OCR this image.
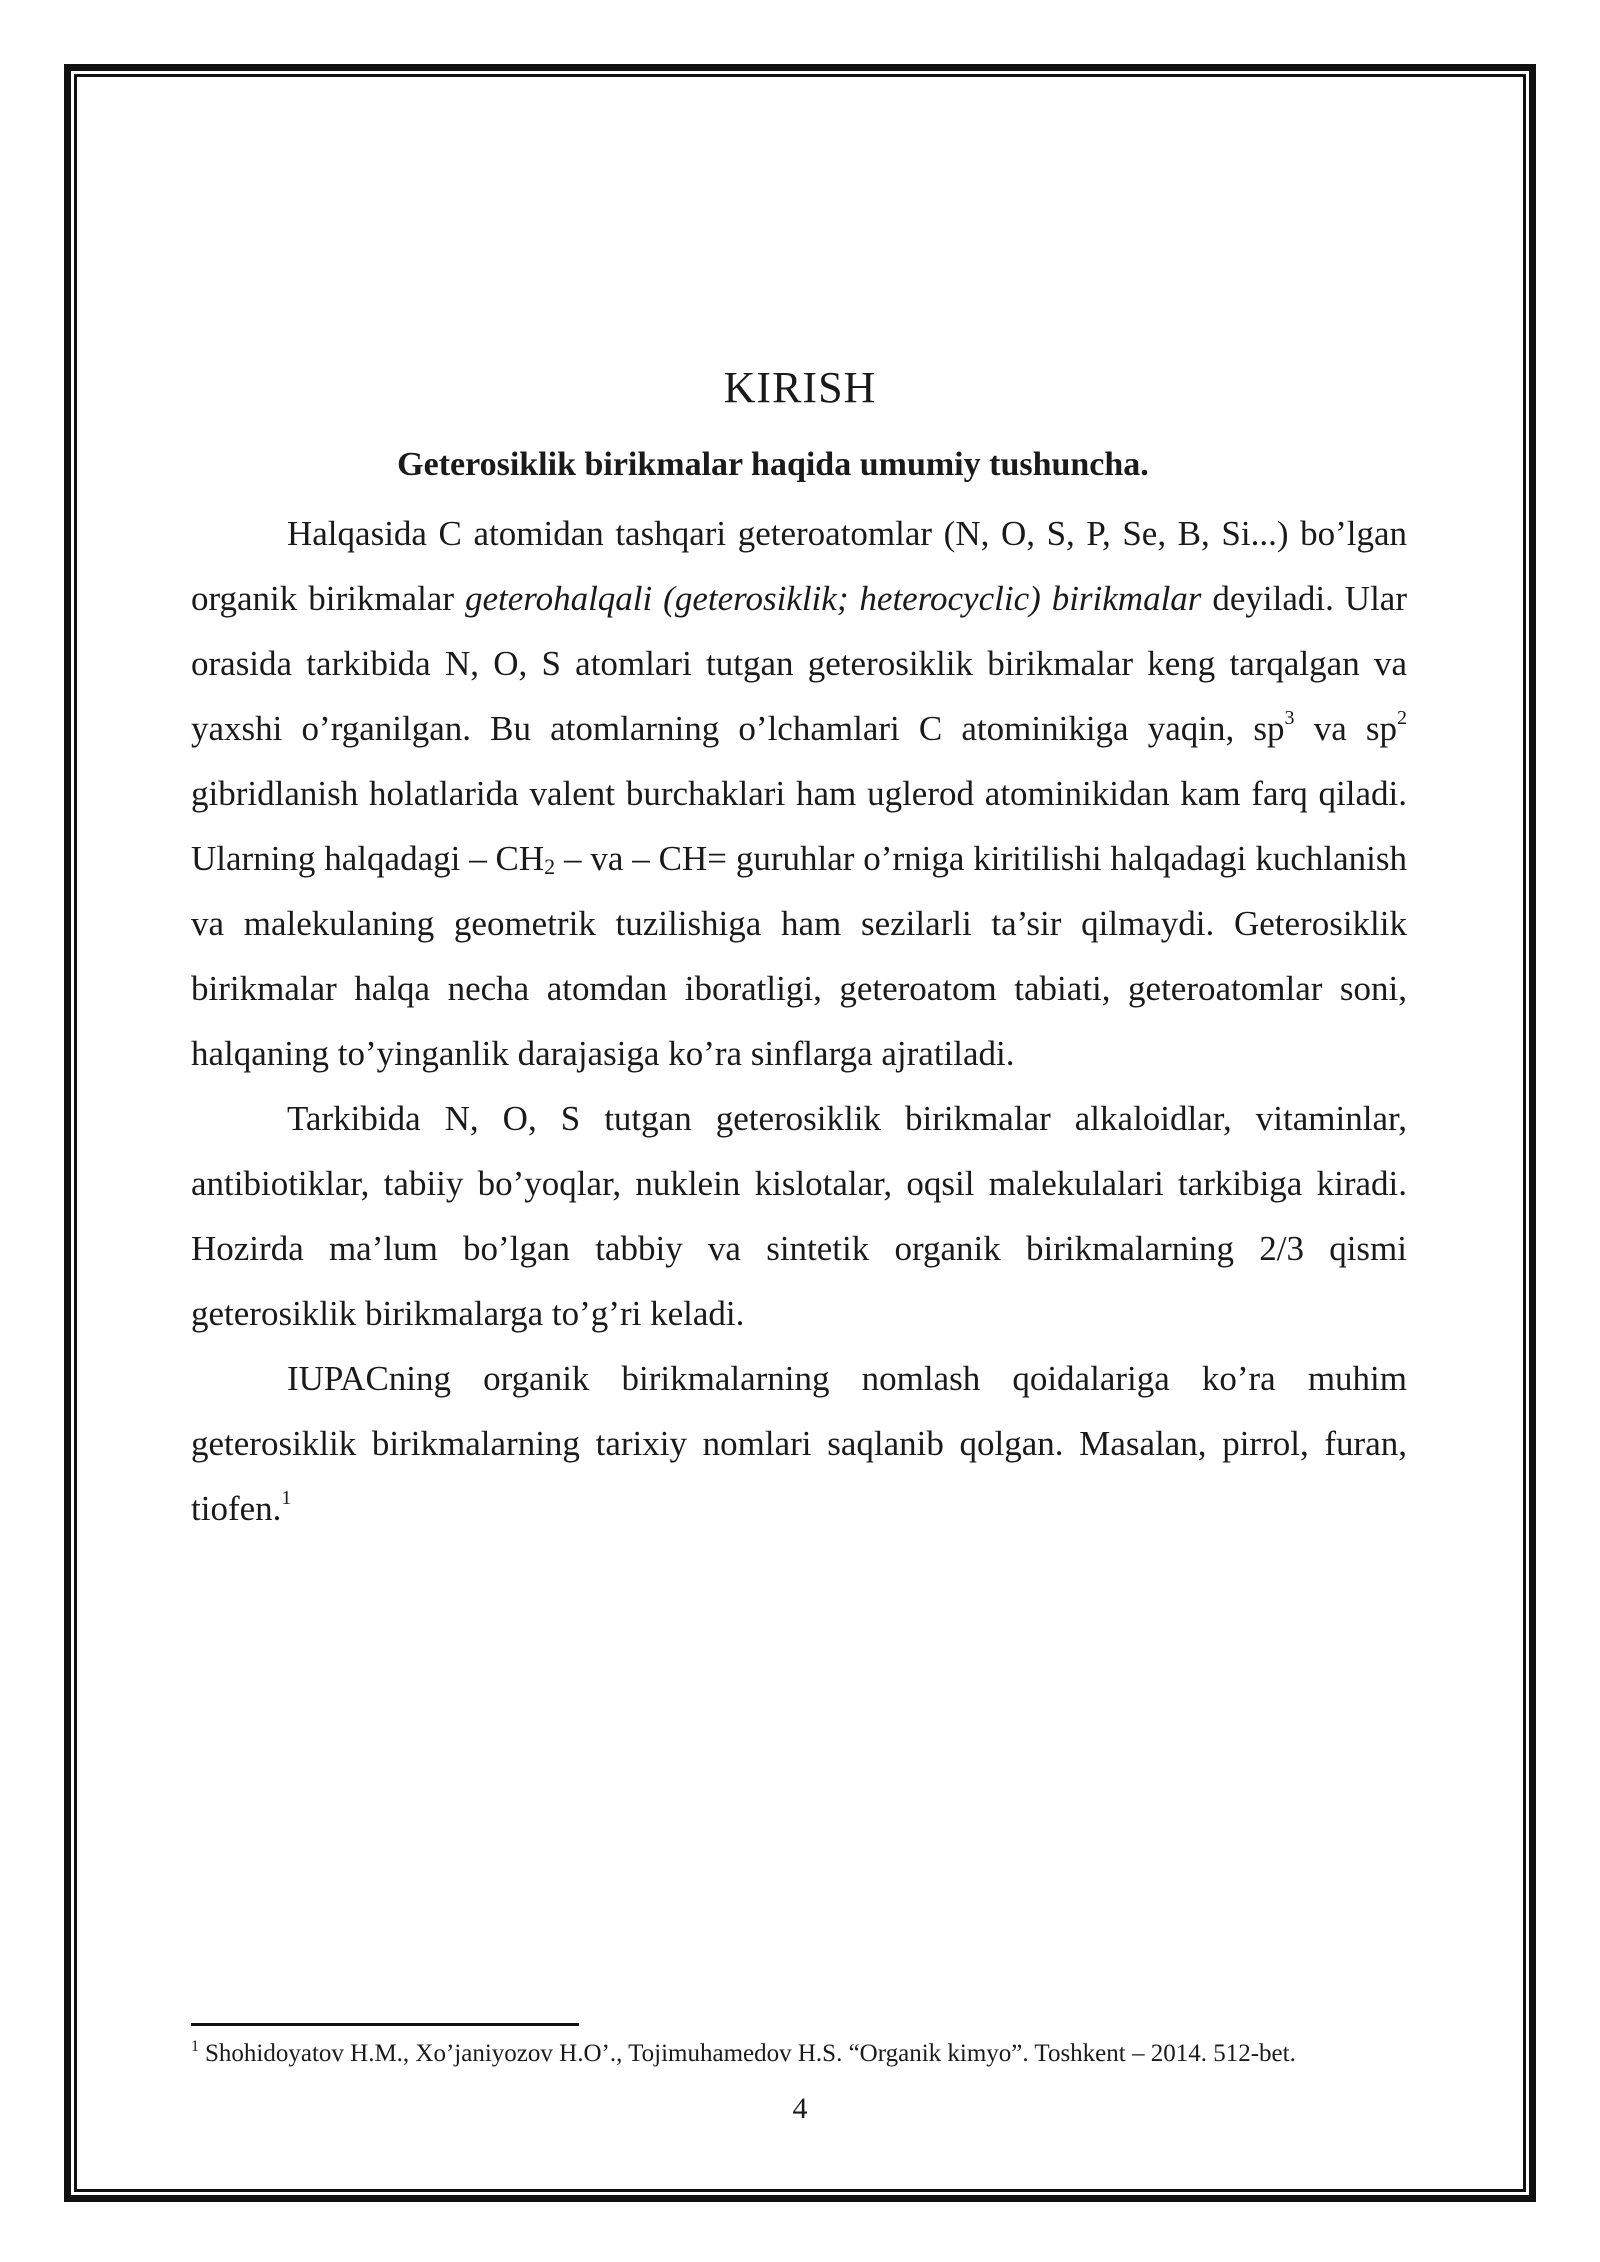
KIRISH
Geterosiklik birikmalar haqida umumiy tushuncha.

Halqasida C atomidan tashqari geteroatomlar (N, O, S, P, Se, B, Si...) bo’lgan organik birikmalar geterohalqali (geterosiklik; heterocyclic) birikmalar deyiladi. Ular orasida tarkibida N, O, S atomlari tutgan geterosiklik birikmalar keng tarqalgan va yaxshi o’rganilgan. Bu atomlarning o’lchamlari C atominikiga yaqin, $sp^3$ va $sp^2$ gibridlanish holatlarida valent burchaklari ham uglerod atominikidan kam farq qiladi. Ularning halqadagi – $CH_2$ – va – CH= guruhlar o’rniga kiritilishi halqadagi kuchlanish va malekulaning geometrik tuzilishiga ham sezilarli ta’sir qilmaydi. Geterosiklik birikmalar halqa necha atomdan iboratligi, geteroatom tabiati, geteroatomlar soni, halqaning to’yinganlik darajasiga ko’ra sinflarga ajratiladi.

Tarkibida N, O, S tutgan geterosiklik birikmalar alkaloidlar, vitaminlar, antibiotiklar, tabiiy bo’yoqlar, nuklein kislotalar, oqsil malekulalari tarkibiga kiradi. Hozirda ma’lum bo’lgan tabbiy va sintetik organik birikmalarning 2/3 qismi geterosiklik birikmalarga to’g’ri keladi.

IUPACning organik birikmalarning nomlash qoidalariga ko’ra muhim geterosiklik birikmalarning tarixiy nomlari saqlanib qolgan. Masalan, pirrol, furan, tiofen.$^1$

$^1$ Shohidoyatov H.M., Xo’janiyozov H.O’., Tojimuhamedov H.S. “Organik kimyo”. Toshkent – 2014. 512-bet.
4
